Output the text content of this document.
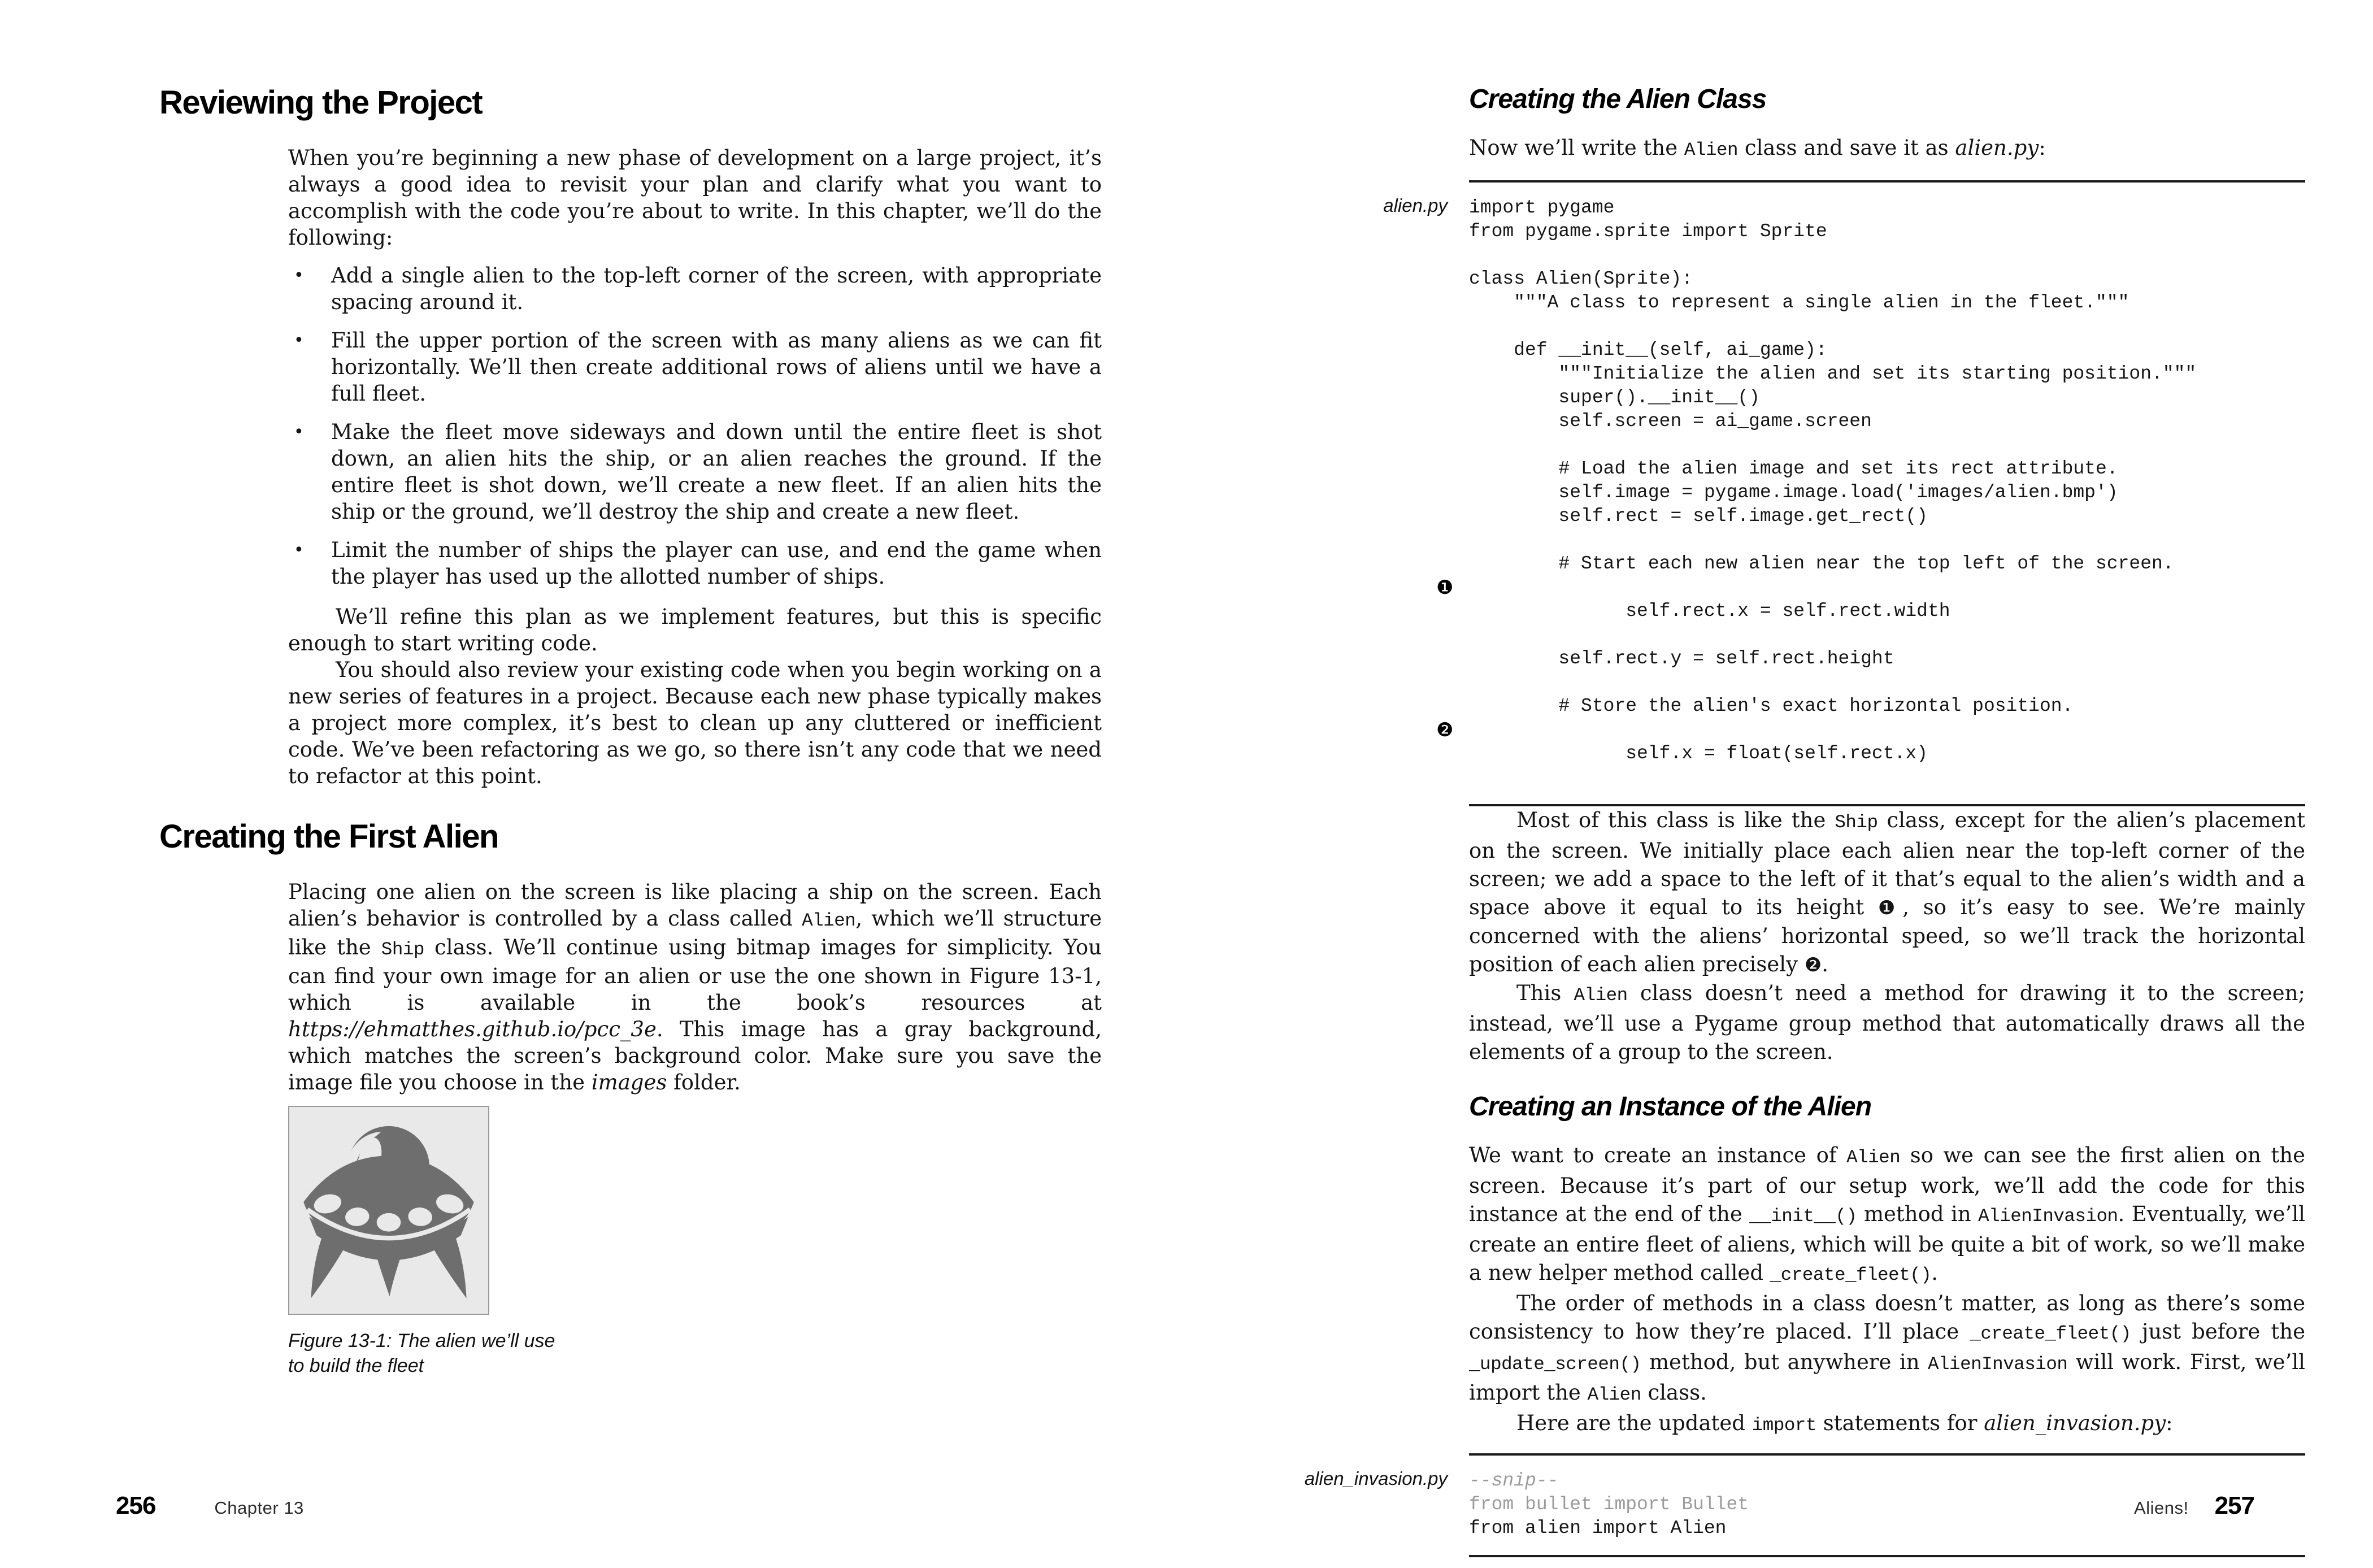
Reviewing the Project

When you’re beginning a new phase of development on a large project, it’s always a good idea to revisit your plan and clarify what you want to accomplish with the code you’re about to write. In this chapter, we’ll do the following:

•	Add a single alien to the top-left corner of the screen, with appropriate spacing around it.
•	Fill the upper portion of the screen with as many aliens as we can fit horizontally. We’ll then create additional rows of aliens until we have a full fleet.
•	Make the fleet move sideways and down until the entire fleet is shot down, an alien hits the ship, or an alien reaches the ground. If the entire fleet is shot down, we’ll create a new fleet. If an alien hits the ship or the ground, we’ll destroy the ship and create a new fleet.
•	Limit the number of ships the player can use, and end the game when the player has used up the allotted number of ships.

We’ll refine this plan as we implement features, but this is specific enough to start writing code.

You should also review your existing code when you begin working on a new series of features in a project. Because each new phase typically makes a project more complex, it’s best to clean up any cluttered or inefficient code. We’ve been refactoring as we go, so there isn’t any code that we need to refactor at this point.

Creating the First Alien

Placing one alien on the screen is like placing a ship on the screen. Each alien’s behavior is controlled by a class called Alien, which we’ll structure like the Ship class. We’ll continue using bitmap images for simplicity. You can find your own image for an alien or use the one shown in Figure 13-1, which is available in the book’s resources at https://ehmatthes.github.io/pcc_3e. This image has a gray background, which matches the screen’s background color. Make sure you save the image file you choose in the images folder.

Figure 13-1: The alien we’ll use
to build the fleet
Creating the Alien Class

Now we’ll write the Alien class and save it as alien.py:

alien.py import pygame
from pygame.sprite import Sprite
class Alien(Sprite):
"""A class to represent a single alien in the fleet."""
def __init__(self, ai_game):
"""Initialize the alien and set its starting position."""
super().__init__()
self.screen = ai_game.screen
# Load the alien image and set its rect attribute.
self.image = pygame.image.load('images/alien.bmp')
self.rect = self.image.get_rect()
# Start each new alien near the top left of the screen.

❶
self.rect.x = self.rect.width

self.rect.y = self.rect.height
# Store the alien's exact horizontal position.

❷
self.x = float(self.rect.x)

Most of this class is like the Ship class, except for the alien’s placement on the screen. We initially place each alien near the top-left corner of the screen; we add a space to the left of it that’s equal to the alien’s width and a space above it equal to its height ❶, so it’s easy to see. We’re mainly concerned with the aliens’ horizontal speed, so we’ll track the horizontal position of each alien precisely ❷.

This Alien class doesn’t need a method for drawing it to the screen; instead, we’ll use a Pygame group method that automatically draws all the elements of a group to the screen.

Creating an Instance of the Alien

We want to create an instance of Alien so we can see the first alien on the screen. Because it’s part of our setup work, we’ll add the code for this instance at the end of the __init__() method in AlienInvasion. Eventually, we’ll create an entire fleet of aliens, which will be quite a bit of work, so we’ll make a new helper method called _create_fleet().

The order of methods in a class doesn’t matter, as long as there’s some consistency to how they’re placed. I’ll place _create_fleet() just before the _update_screen() method, but anywhere in AlienInvasion will work. First, we’ll import the Alien class.

Here are the updated import statements for alien_invasion.py:

alien_invasion.py --snip--
from bullet import Bullet
from alien import Alien
256	Chapter 13	Aliens! 257
